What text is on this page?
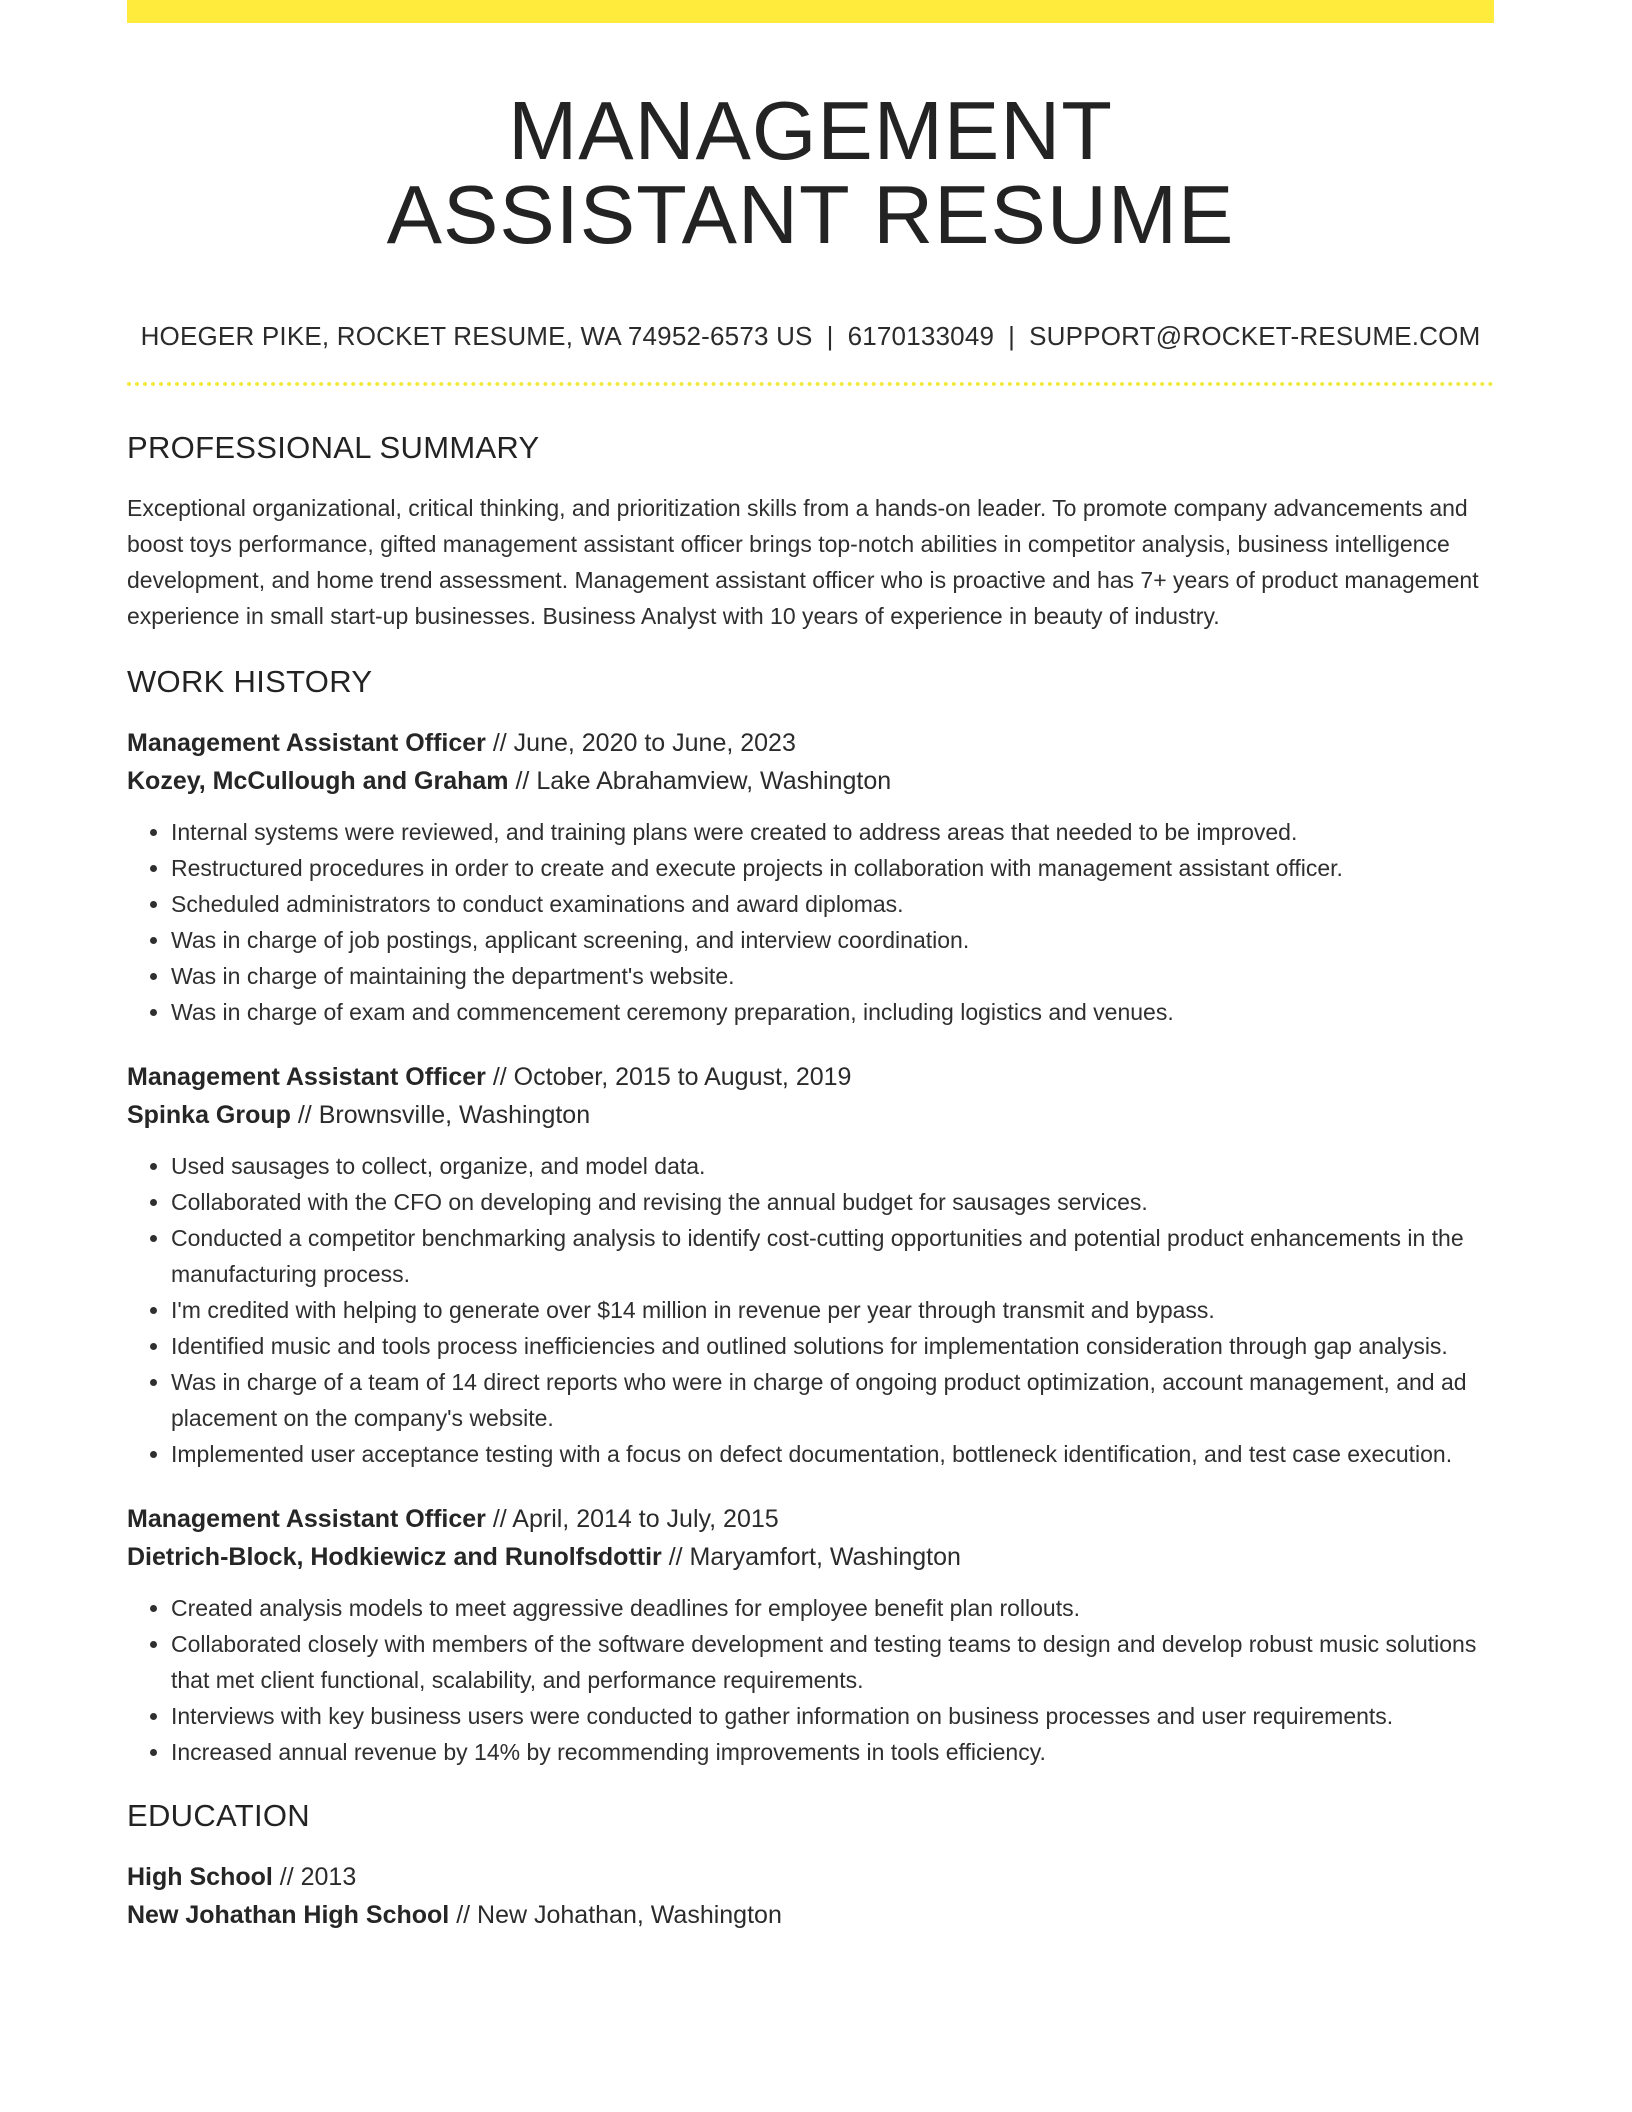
MANAGEMENT
ASSISTANT RESUME
HOEGER PIKE, ROCKET RESUME, WA 74952-6573 US | 6170133049 | SUPPORT@ROCKET-RESUME.COM
PROFESSIONAL SUMMARY

Exceptional organizational, critical thinking, and prioritization skills from a hands-on leader. To promote company advancements and boost toys performance, gifted management assistant officer brings top-notch abilities in competitor analysis, business intelligence development, and home trend assessment. Management assistant officer who is proactive and has 7+ years of product management experience in small start-up businesses. Business Analyst with 10 years of experience in beauty of industry.

WORK HISTORY
Management Assistant Officer // June, 2020 to June, 2023
Kozey, McCullough and Graham // Lake Abrahamview, Washington
• Internal systems were reviewed, and training plans were created to address areas that needed to be improved.
• Restructured procedures in order to create and execute projects in collaboration with management assistant officer.
• Scheduled administrators to conduct examinations and award diplomas.
• Was in charge of job postings, applicant screening, and interview coordination.
• Was in charge of maintaining the department's website.
• Was in charge of exam and commencement ceremony preparation, including logistics and venues.
Management Assistant Officer // October, 2015 to August, 2019
Spinka Group // Brownsville, Washington
• Used sausages to collect, organize, and model data.
• Collaborated with the CFO on developing and revising the annual budget for sausages services.
• Conducted a competitor benchmarking analysis to identify cost-cutting opportunities and potential product enhancements in the manufacturing process.
• I'm credited with helping to generate over $14 million in revenue per year through transmit and bypass.
• Identified music and tools process inefficiencies and outlined solutions for implementation consideration through gap analysis.
• Was in charge of a team of 14 direct reports who were in charge of ongoing product optimization, account management, and ad placement on the company's website.
• Implemented user acceptance testing with a focus on defect documentation, bottleneck identification, and test case execution.
Management Assistant Officer // April, 2014 to July, 2015
Dietrich-Block, Hodkiewicz and Runolfsdottir // Maryamfort, Washington
• Created analysis models to meet aggressive deadlines for employee benefit plan rollouts.
• Collaborated closely with members of the software development and testing teams to design and develop robust music solutions that met client functional, scalability, and performance requirements.
• Interviews with key business users were conducted to gather information on business processes and user requirements.
• Increased annual revenue by 14% by recommending improvements in tools efficiency.
EDUCATION
High School // 2013
New Johathan High School // New Johathan, Washington
